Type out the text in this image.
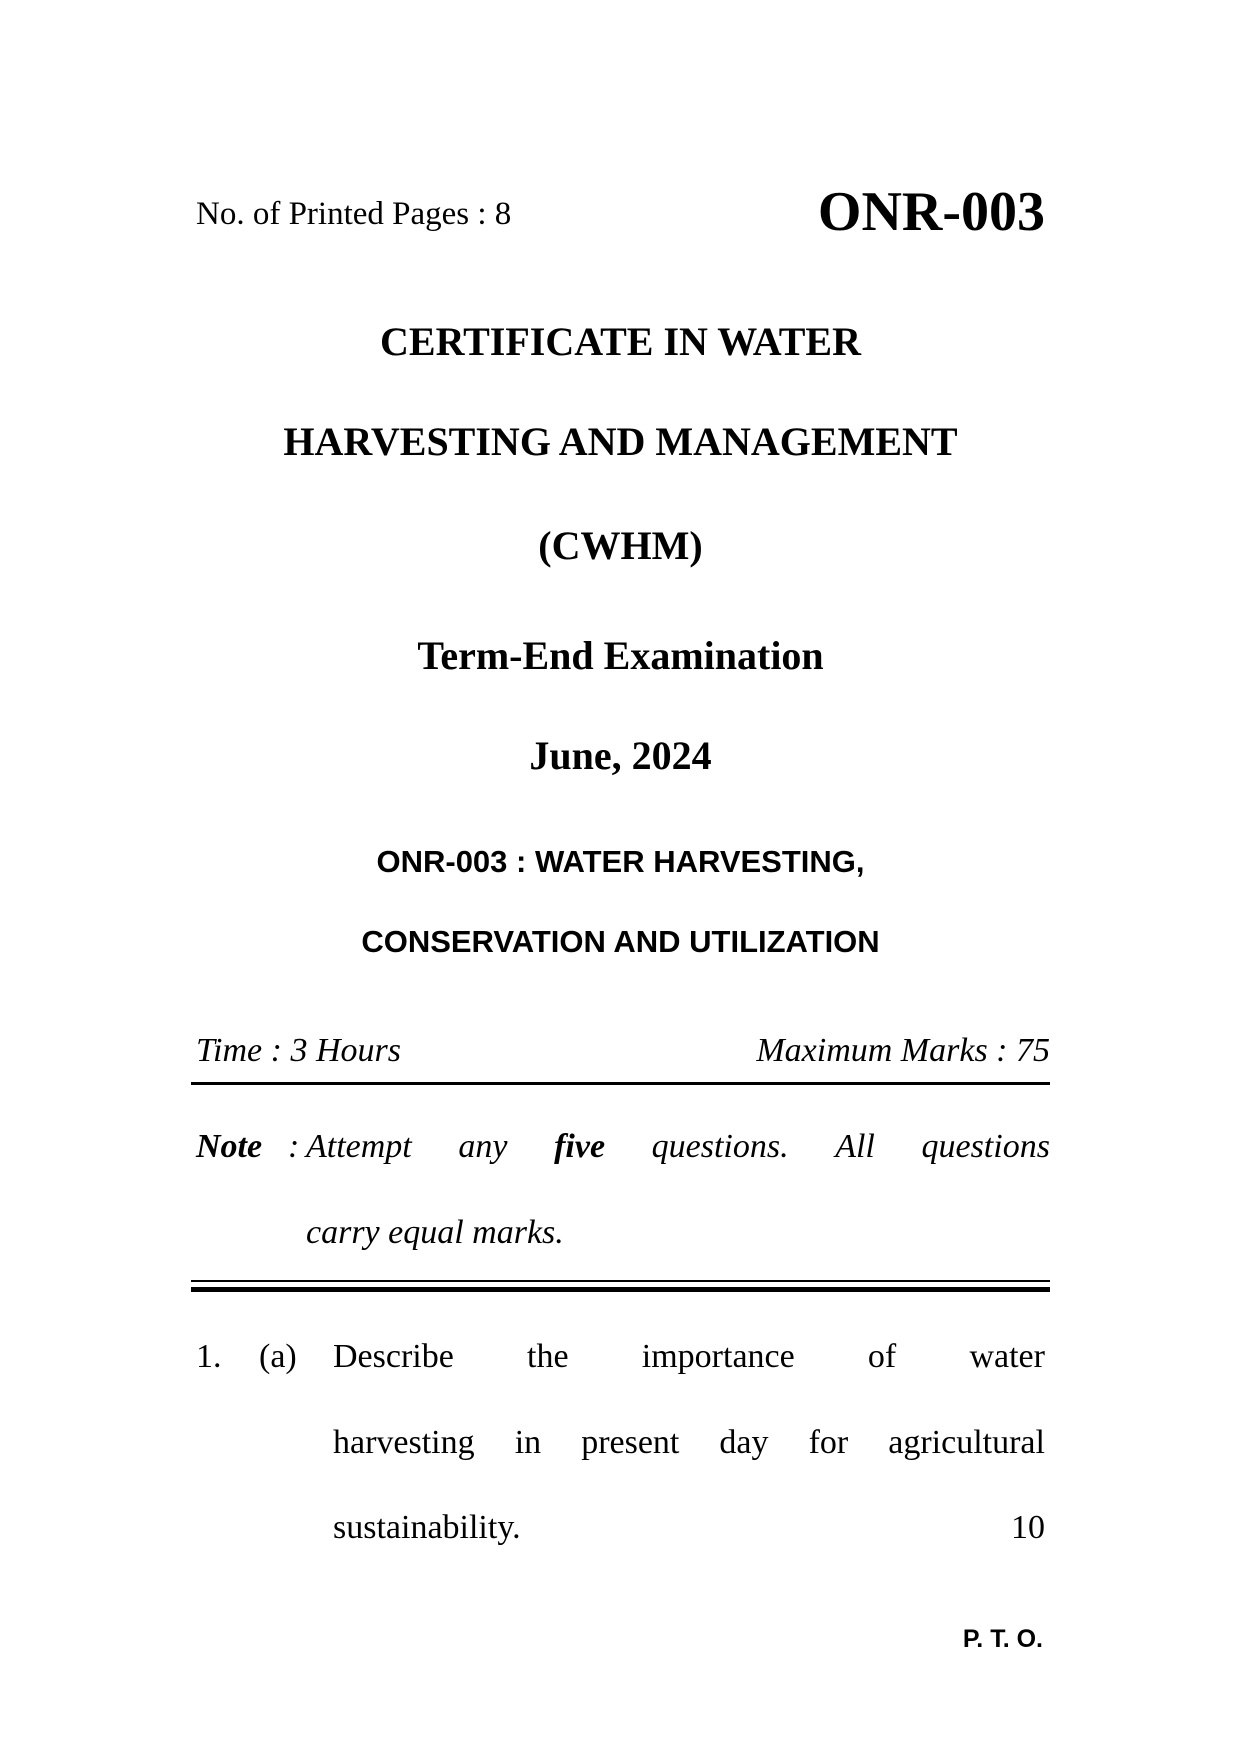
No. of Printed Pages : 8	ONR-003
CERTIFICATE IN WATER
HARVESTING AND MANAGEMENT
(CWHM)
Term-End Examination
June, 2024
ONR-003 : WATER HARVESTING,
CONSERVATION AND UTILIZATION
Time : 3 Hours	Maximum Marks : 75
Note : Attempt any five questions. All questions
carry equal marks.
1. (a) Describe the importance of water
harvesting in present day for agricultural
sustainability.	10
P. T. O.
